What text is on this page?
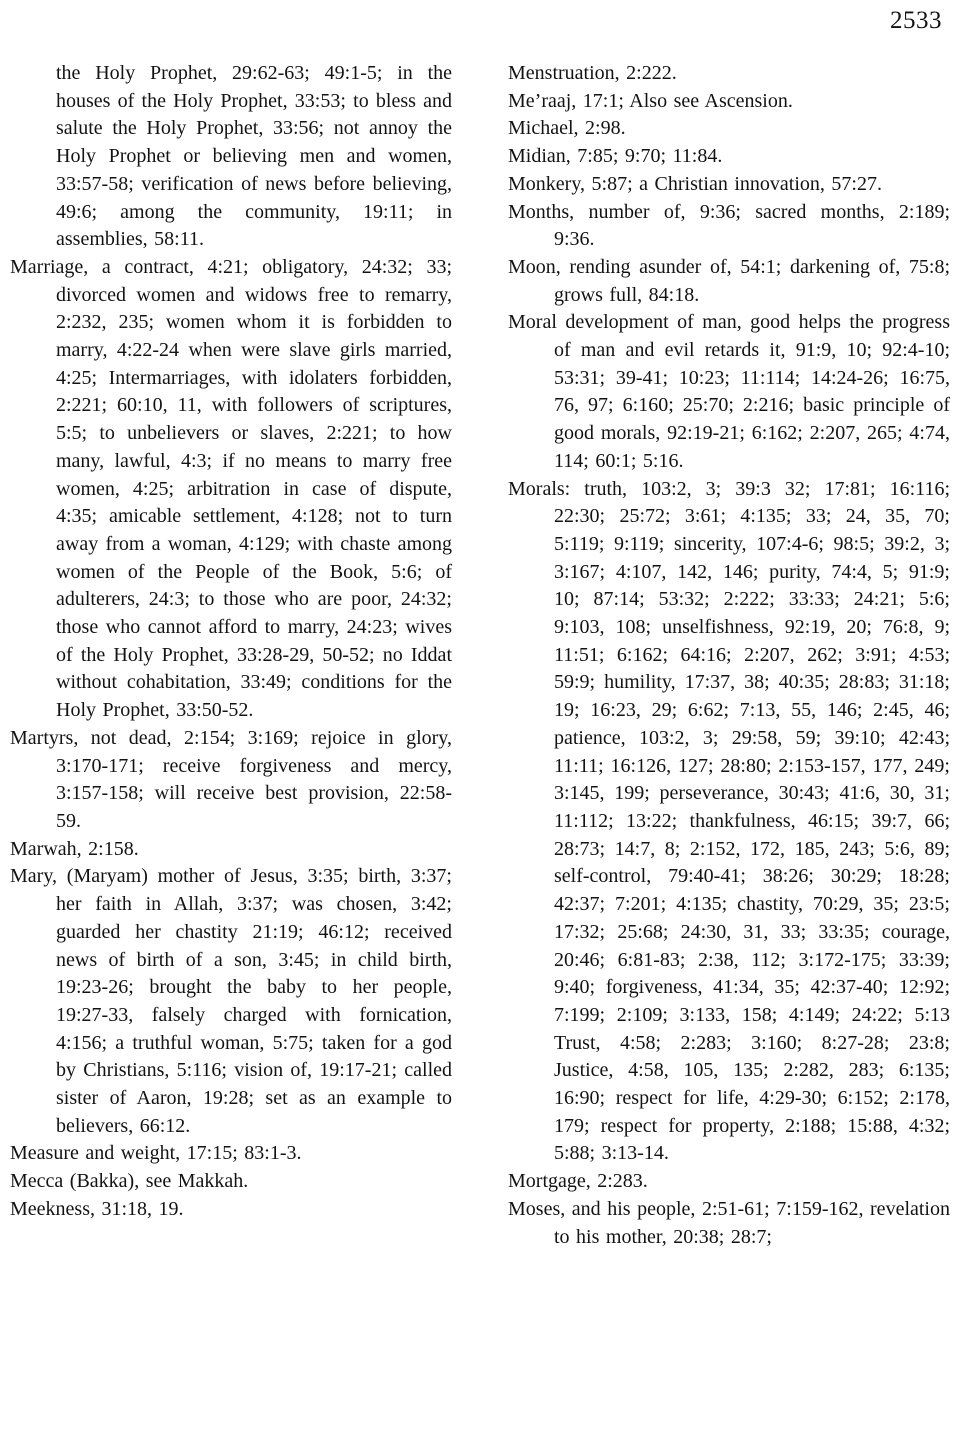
2533

the Holy Prophet, 29:62-63; 49:1-5; in the houses of the Holy Prophet, 33:53; to bless and salute the Holy Prophet, 33:56; not annoy the Holy Prophet or believing men and women, 33:57-58; verification of news before believing, 49:6; among the community, 19:11; in assemblies, 58:11.

Marriage, a contract, 4:21; obligatory, 24:32; 33; divorced women and widows free to remarry, 2:232, 235; women whom it is forbidden to marry, 4:22-24 when were slave girls married, 4:25; Intermarriages, with idolaters forbidden, 2:221; 60:10, 11, with followers of scriptures, 5:5; to unbelievers or slaves, 2:221; to how many, lawful, 4:3; if no means to marry free women, 4:25; arbitration in case of dispute, 4:35; amicable settlement, 4:128; not to turn away from a woman, 4:129; with chaste among women of the People of the Book, 5:6; of adulterers, 24:3; to those who are poor, 24:32; those who cannot afford to marry, 24:23; wives of the Holy Prophet, 33:28-29, 50-52; no Iddat without cohabitation, 33:49; conditions for the Holy Prophet, 33:50-52.

Martyrs, not dead, 2:154; 3:169; rejoice in glory, 3:170-171; receive forgiveness and mercy, 3:157-158; will receive best provision, 22:58-59.

Marwah, 2:158.

Mary, (Maryam) mother of Jesus, 3:35; birth, 3:37; her faith in Allah, 3:37; was chosen, 3:42; guarded her chastity 21:19; 46:12; received news of birth of a son, 3:45; in child birth, 19:23-26; brought the baby to her people, 19:27-33, falsely charged with fornication, 4:156; a truthful woman, 5:75; taken for a god by Christians, 5:116; vision of, 19:17-21; called sister of Aaron, 19:28; set as an example to believers, 66:12.

Measure and weight, 17:15; 83:1-3.

Mecca (Bakka), see Makkah.

Meekness, 31:18, 19.

Menstruation, 2:222.

Me’raaj, 17:1; Also see Ascension.

Michael, 2:98.

Midian, 7:85; 9:70; 11:84.

Monkery, 5:87; a Christian innovation, 57:27.

Months, number of, 9:36; sacred months, 2:189; 9:36.

Moon, rending asunder of, 54:1; darkening of, 75:8; grows full, 84:18.

Moral development of man, good helps the progress of man and evil retards it, 91:9, 10; 92:4-10; 53:31; 39-41; 10:23; 11:114; 14:24-26; 16:75, 76, 97; 6:160; 25:70; 2:216; basic principle of good morals, 92:19-21; 6:162; 2:207, 265; 4:74, 114; 60:1; 5:16.

Morals: truth, 103:2, 3; 39:3 32; 17:81; 16:116; 22:30; 25:72; 3:61; 4:135; 33; 24, 35, 70; 5:119; 9:119; sincerity, 107:4-6; 98:5; 39:2, 3; 3:167; 4:107, 142, 146; purity, 74:4, 5; 91:9; 10; 87:14; 53:32; 2:222; 33:33; 24:21; 5:6; 9:103, 108; unselfishness, 92:19, 20; 76:8, 9; 11:51; 6:162; 64:16; 2:207, 262; 3:91; 4:53; 59:9; humility, 17:37, 38; 40:35; 28:83; 31:18; 19; 16:23, 29; 6:62; 7:13, 55, 146; 2:45, 46; patience, 103:2, 3; 29:58, 59; 39:10; 42:43; 11:11; 16:126, 127; 28:80; 2:153-157, 177, 249; 3:145, 199; perseverance, 30:43; 41:6, 30, 31; 11:112; 13:22; thankfulness, 46:15; 39:7, 66; 28:73; 14:7, 8; 2:152, 172, 185, 243; 5:6, 89; self-control, 79:40-41; 38:26; 30:29; 18:28; 42:37; 7:201; 4:135; chastity, 70:29, 35; 23:5; 17:32; 25:68; 24:30, 31, 33; 33:35; courage, 20:46; 6:81-83; 2:38, 112; 3:172-175; 33:39; 9:40; forgiveness, 41:34, 35; 42:37-40; 12:92; 7:199; 2:109; 3:133, 158; 4:149; 24:22; 5:13 Trust, 4:58; 2:283; 3:160; 8:27-28; 23:8; Justice, 4:58, 105, 135; 2:282, 283; 6:135; 16:90; respect for life, 4:29-30; 6:152; 2:178, 179; respect for property, 2:188; 15:88, 4:32; 5:88; 3:13-14.

Mortgage, 2:283.

Moses, and his people, 2:51-61; 7:159-162, revelation to his mother, 20:38; 28:7;
